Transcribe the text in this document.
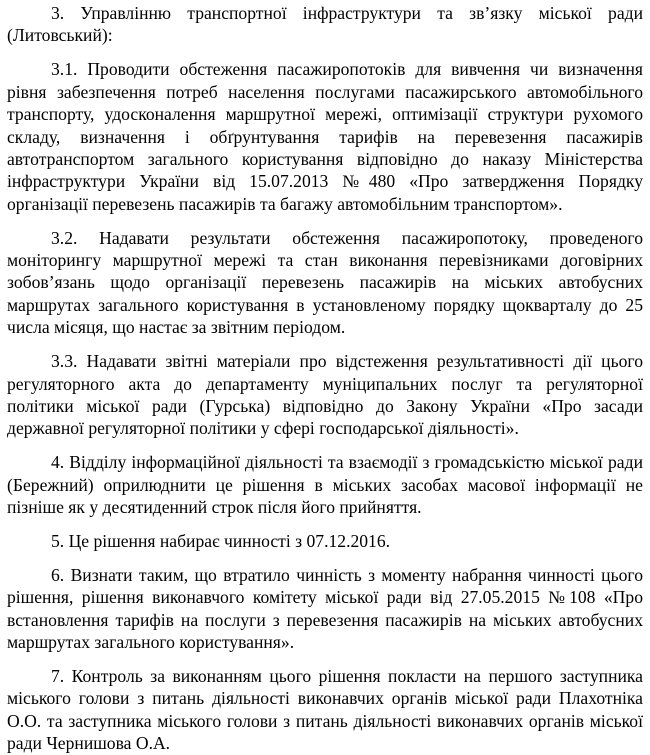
3. Управлінню транспортної інфраструктури та зв’язку міської ради (Литовський):

3.1. Проводити обстеження пасажиропотоків для вивчення чи визначення рівня забезпечення потреб населення послугами пасажирського автомобільного транспорту, удосконалення маршрутної мережі, оптимізації структури рухомого складу, визначення і обґрунтування тарифів на перевезення пасажирів автотранспортом загального користування відповідно до наказу Міністерства інфраструктури України від 15.07.2013 №480 «Про затвердження Порядку організації перевезень пасажирів та багажу автомобільним транспортом».

3.2. Надавати результати обстеження пасажиропотоку, проведеного моніторингу маршрутної мережі та стан виконання перевізниками договірних зобов’язань щодо організації перевезень пасажирів на міських автобусних маршрутах загального користування в установленому порядку щокварталу до 25 числа місяця, що настає за звітним періодом.

3.3. Надавати звітні матеріали про відстеження результативності дії цього регуляторного акта до департаменту муніципальних послуг та регуляторної політики міської ради (Гурська) відповідно до Закону України «Про засади державної регуляторної політики у сфері господарської діяльності».

4. Відділу інформаційної діяльності та взаємодії з громадськістю міської ради (Бережний) оприлюднити це рішення в міських засобах масової інформації не пізніше як у десятиденний строк після його прийняття.

5. Це рішення набирає чинності з 07.12.2016.

6. Визнати таким, що втратило чинність з моменту набрання чинності цього рішення, рішення виконавчого комітету міської ради від 27.05.2015 №108 «Про встановлення тарифів на послуги з перевезення пасажирів на міських автобусних маршрутах загального користування».

7. Контроль за виконанням цього рішення покласти на першого заступника міського голови з питань діяльності виконавчих органів міської ради Плахотніка О.О. та заступника міського голови з питань діяльності виконавчих органів міської ради Чернишова О.А.
